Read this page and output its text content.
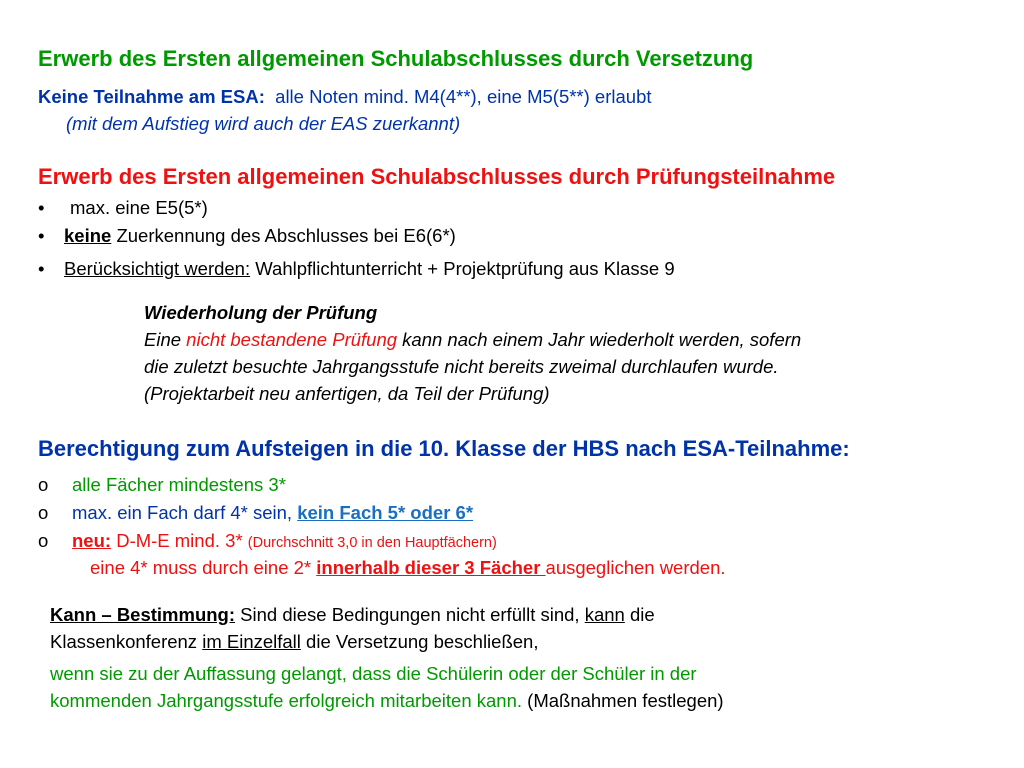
Erwerb des Ersten allgemeinen Schulabschlusses durch Versetzung

Keine Teilnahme am ESA: alle Noten mind. M4(4**), eine M5(5**) erlaubt

(mit dem Aufstieg wird auch der EAS zuerkannt)

Erwerb des Ersten allgemeinen Schulabschlusses durch Prüfungsteilnahme

• max. eine E5(5*)

• keine Zuerkennung des Abschlusses bei E6(6*)

• Berücksichtigt werden: Wahlpflichtunterricht + Projektprüfung aus Klasse 9

Wiederholung der Prüfung

Eine nicht bestandene Prüfung kann nach einem Jahr wiederholt werden, sofern

die zuletzt besuchte Jahrgangsstufe nicht bereits zweimal durchlaufen wurde.

(Projektarbeit neu anfertigen, da Teil der Prüfung)

Berechtigung zum Aufsteigen in die 10. Klasse der HBS nach ESA-Teilnahme:

o alle Fächer mindestens 3*

o max. ein Fach darf 4* sein, kein Fach 5* oder 6*

o neu: D-M-E mind. 3* (Durchschnitt 3,0 in den Hauptfächern)

eine 4* muss durch eine 2* innerhalb dieser 3 Fächer ausgeglichen werden.

Kann – Bestimmung: Sind diese Bedingungen nicht erfüllt sind, kann die

Klassenkonferenz im Einzelfall die Versetzung beschließen,

wenn sie zu der Auffassung gelangt, dass die Schülerin oder der Schüler in der

kommenden Jahrgangsstufe erfolgreich mitarbeiten kann. (Maßnahmen festlegen)
